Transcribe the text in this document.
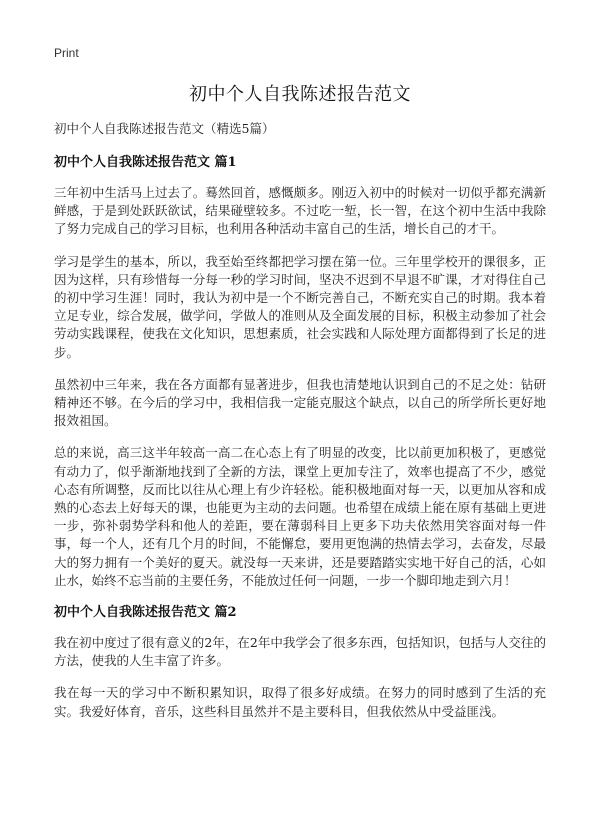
Print
初中个人自我陈述报告范文

初中个人自我陈述报告范文（精选5篇）

初中个人自我陈述报告范文 篇1

三年初中生活马上过去了。蓦然回首，感慨颇多。刚迈入初中的时候对一切似乎都充满新鲜感，于是到处跃跃欲试，结果碰壁较多。不过吃一堑，长一智，在这个初中生活中我除了努力完成自己的学习目标，也利用各种活动丰富自己的生活，增长自己的才干。

学习是学生的基本，所以，我至始至终都把学习摆在第一位。三年里学校开的课很多，正因为这样，只有珍惜每一分每一秒的学习时间，坚决不迟到不早退不旷课，才对得住自己的初中学习生涯！同时，我认为初中是一个不断完善自己，不断充实自己的时期。我本着立足专业，综合发展，做学问，学做人的准则从及全面发展的目标，积极主动参加了社会劳动实践课程，使我在文化知识，思想素质，社会实践和人际处理方面都得到了长足的进步。

虽然初中三年来，我在各方面都有显著进步，但我也清楚地认识到自己的不足之处：钻研精神还不够。在今后的学习中，我相信我一定能克服这个缺点，以自己的所学所长更好地报效祖国。

总的来说，高三这半年较高一高二在心态上有了明显的改变，比以前更加积极了，更感觉有动力了，似乎渐渐地找到了全新的方法，课堂上更加专注了，效率也提高了不少，感觉心态有所调整，反而比以往从心理上有少许轻松。能积极地面对每一天，以更加从容和成熟的心态去上好每天的课，也能更为主动的去问题。也希望在成绩上能在原有基础上更进一步，弥补弱势学科和他人的差距，要在薄弱科目上更多下功夫依然用笑容面对每一件事，每一个人，还有几个月的时间，不能懈怠，要用更饱满的热情去学习，去奋发，尽最大的努力拥有一个美好的夏天。就没每一天来讲，还是要踏踏实实地干好自己的活，心如止水，始终不忘当前的主要任务，不能放过任何一问题，一步一个脚印地走到六月！

初中个人自我陈述报告范文 篇2

我在初中度过了很有意义的2年，在2年中我学会了很多东西，包括知识，包括与人交往的方法，使我的人生丰富了许多。

我在每一天的学习中不断积累知识，取得了很多好成绩。在努力的同时感到了生活的充实。我爱好体育，音乐，这些科目虽然并不是主要科目，但我依然从中受益匪浅。
